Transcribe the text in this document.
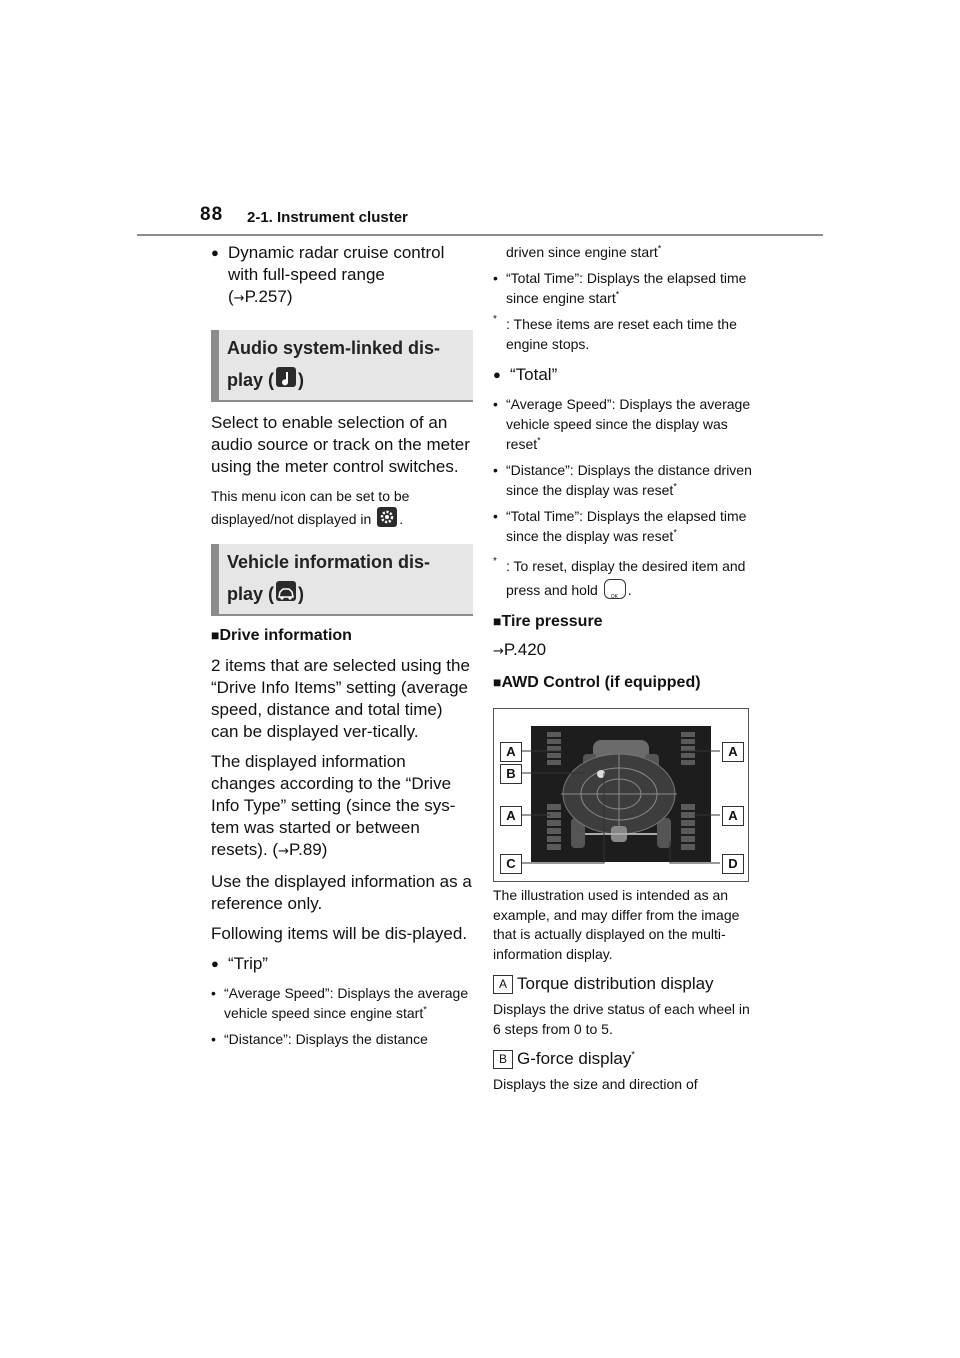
88 2-1. Instrument cluster

● Dynamic radar cruise control with full-speed range
(→P.257)

Audio system-linked dis-
play ( )

Select to enable selection of an audio source or track on the meter using the meter control switches.

This menu icon can be set to be displayed/not displayed in .

Vehicle information dis-
play ( )

■Drive information

2 items that are selected using the “Drive Info Items” setting (average speed, distance and total time) can be displayed ver-tically.

The displayed information changes according to the “Drive Info Type” setting (since the sys-tem was started or between resets). (→P.89)

Use the displayed information as a reference only.

Following items will be dis-played.

● “Trip”

• “Average Speed”: Displays the average vehicle speed since engine start*

• “Distance”: Displays the distance

• driven since engine start*

• “Total Time”: Displays the elapsed time since engine start*

* : These items are reset each time the engine stops.

● “Total”

• “Average Speed”: Displays the average vehicle speed since the display was reset*

• “Distance”: Displays the distance driven since the display was reset*

• “Total Time”: Displays the elapsed time since the display was reset*

* : To reset, display the desired item and press and hold OK .

■Tire pressure

→P.420

■AWD Control (if equipped)

A	A
B
A	A
C	D

The illustration used is intended as an example, and may differ from the image that is actually displayed on the multi-information display.

A Torque distribution display

Displays the drive status of each wheel in 6 steps from 0 to 5.

B G-force display*

Displays the size and direction of
